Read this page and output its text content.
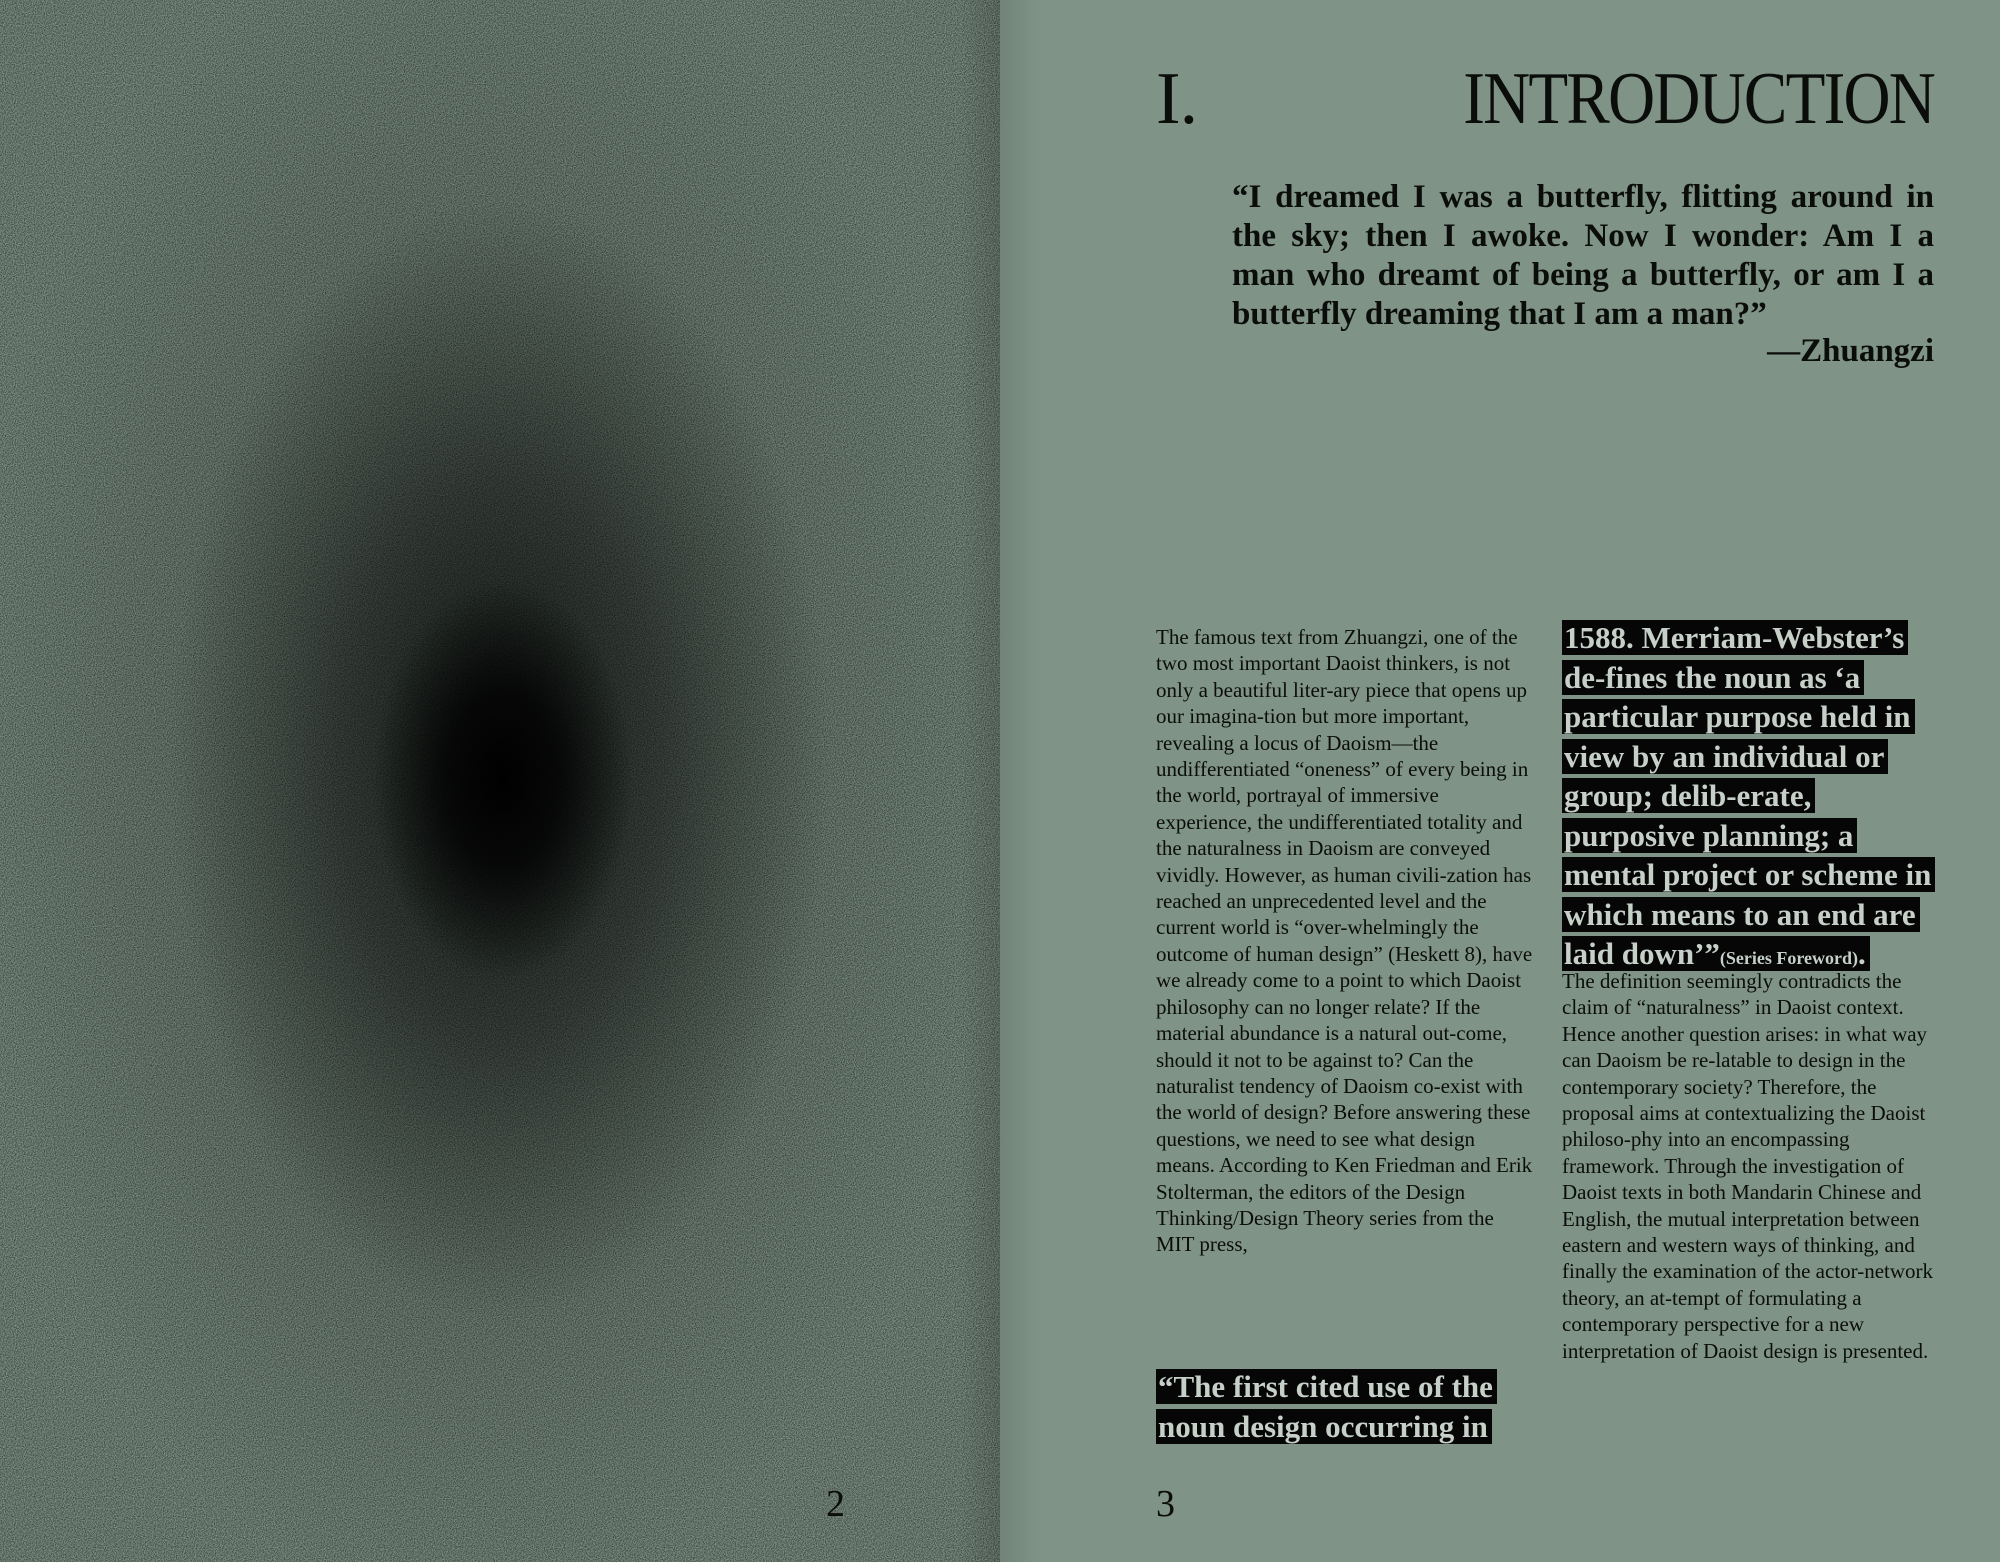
2
I.	INTRODUCTION
“I dreamed I was a butterfly, flitting around in the sky; then I awoke. Now I wonder: Am I a man who dreamt of being a butterfly, or am I a butterfly dreaming that I am a man?”
—Zhuangzi
The famous text from Zhuangzi, one of the two most important Daoist thinkers, is not only a beautiful liter-ary piece that opens up our imagina-tion but more important, revealing a locus of Daoism—the undifferentiated “oneness” of every being in the world, portrayal of immersive experience, the undifferentiated totality and the naturalness in Daoism are conveyed vividly. However, as human civili-zation has reached an unprecedented level and the current world is “over-whelmingly the outcome of human design” (Heskett 8), have we already come to a point to which Daoist philosophy can no longer relate? If the material abundance is a natural out-come, should it not to be against to? Can the naturalist tendency of Daoism co-exist with the world of design? Before answering these questions, we need to see what design means. According to Ken Friedman and Erik Stolterman, the editors of the Design Thinking/Design Theory series from the MIT press,
“The first cited use of the noun design occurring in
1588. Merriam-Webster’s de-fines the noun as ‘a particular purpose held in view by an individual or group; delib-erate, purposive planning; a mental project or scheme in which means to an end are laid down’”(Series Foreword).
The definition seemingly contradicts the claim of “naturalness” in Daoist context. Hence another question arises: in what way can Daoism be re-latable to design in the contemporary society? Therefore, the proposal aims at contextualizing the Daoist philoso-phy into an encompassing framework. Through the investigation of Daoist texts in both Mandarin Chinese and English, the mutual interpretation between eastern and western ways of thinking, and finally the examination of the actor-network theory, an at-tempt of formulating a contemporary perspective for a new interpretation of Daoist design is presented.
3
